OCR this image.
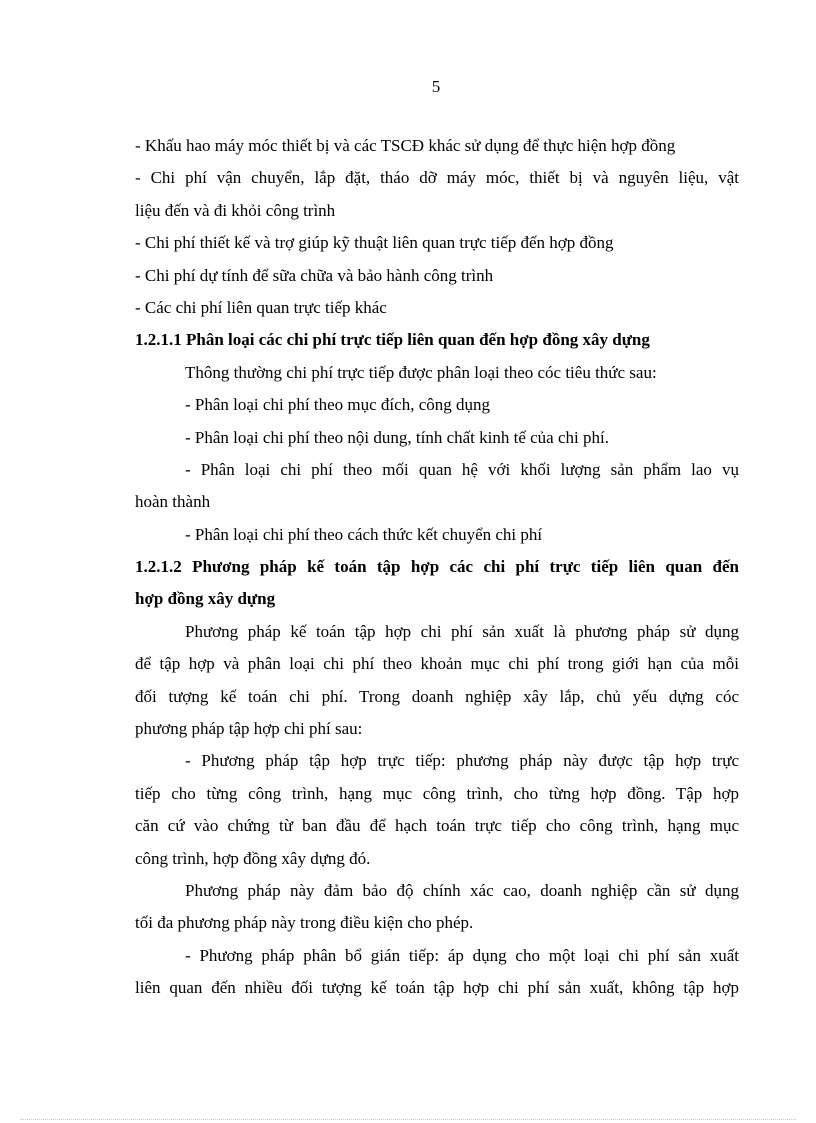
5
- Khấu hao máy móc thiết bị và các TSCĐ khác sử dụng để thực hiện hợp đồng
- Chi phí vận chuyển, lắp đặt, tháo dỡ máy móc, thiết bị và nguyên liệu, vật
liệu đến và đi khỏi công trình
- Chi phí thiết kế và trợ giúp kỹ thuật liên quan trực tiếp đến hợp đồng
- Chi phí dự tính để sữa chữa và bảo hành công trình
- Các chi phí liên quan trực tiếp khác
1.2.1.1 Phân loại các chi phí trực tiếp liên quan đến hợp đồng xây dựng
Thông thường chi phí trực tiếp được phân loại theo cóc tiêu thức sau:
- Phân loại chi phí theo mục đích, công dụng
- Phân loại chi phí theo nội dung, tính chất kinh tế của chi phí.
- Phân loại chi phí theo mối quan hệ với khối lượng sản phẩm lao vụ
hoàn thành
- Phân loại chi phí theo cách thức kết chuyển chi phí
1.2.1.2 Phương pháp kế toán tập hợp các chi phí trực tiếp liên quan đến
hợp đồng xây dựng
Phương pháp kế toán tập hợp chi phí sản xuất là phương pháp sử dụng
để tập hợp và phân loại chi phí theo khoản mục chi phí trong giới hạn của mỗi
đối tượng kế toán chi phí. Trong doanh nghiệp xây lắp, chủ yếu dựng cóc
phương pháp tập hợp chi phí sau:
- Phương pháp tập hợp trực tiếp: phương pháp này được tập hợp trực
tiếp cho từng công trình, hạng mục công trình, cho từng hợp đồng. Tập hợp
căn cứ vào chứng từ ban đầu để hạch toán trực tiếp cho công trình, hạng mục
công trình, hợp đồng xây dựng đó.
Phương pháp này đảm bảo độ chính xác cao, doanh nghiệp cần sử dụng
tối đa phương pháp này trong điều kiện cho phép.
- Phương pháp phân bổ gián tiếp: áp dụng cho một loại chi phí sản xuất
liên quan đến nhiều đối tượng kế toán tập hợp chi phí sản xuất, không tập hợp
